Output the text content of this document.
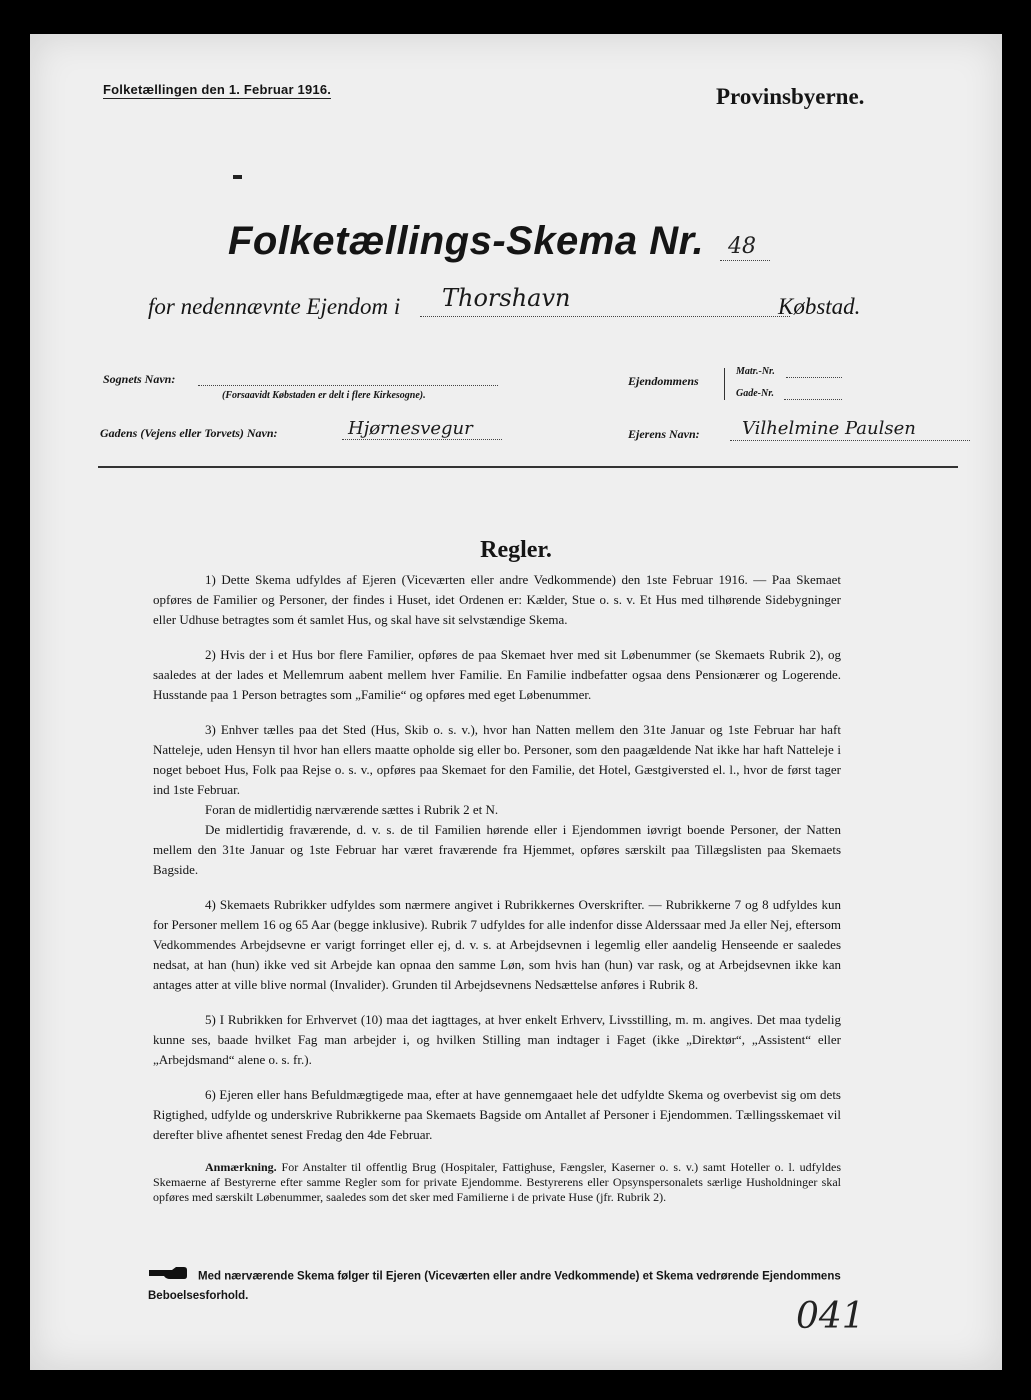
Folketællingen den 1. Februar 1916.	Provinsbyerne.
Folketællings-Skema Nr. 48
for nedennævnte Ejendom i Thorshavn	Købstad.
Sognets Navn:
(Forsaavidt Købstaden er delt i flere Kirkesogne).
Ejendommens
Matr.-Nr.
Gade-Nr.
Gadens (Vejens eller Torvets) Navn:	Hjørnesvegur	Ejerens Navn: Vilhelmine Paulsen
Regler.

1) Dette Skema udfyldes af Ejeren (Viceværten eller andre Vedkommende) den 1ste Februar 1916. — Paa Skemaet opføres de Familier og Personer, der findes i Huset, idet Ordenen er: Kælder, Stue o. s. v. Et Hus med tilhørende Sidebygninger eller Udhuse betragtes som ét samlet Hus, og skal have sit selvstændige Skema.

2) Hvis der i et Hus bor flere Familier, opføres de paa Skemaet hver med sit Løbenummer (se Skemaets Rubrik 2), og saaledes at der lades et Mellemrum aabent mellem hver Familie. En Familie indbefatter ogsaa dens Pensionærer og Logerende. Husstande paa 1 Person betragtes som „Familie“ og opføres med eget Løbenummer.

3) Enhver tælles paa det Sted (Hus, Skib o. s. v.), hvor han Natten mellem den 31te Januar og 1ste Februar har haft Natteleje, uden Hensyn til hvor han ellers maatte opholde sig eller bo. Personer, som den paagældende Nat ikke har haft Natteleje i noget beboet Hus, Folk paa Rejse o. s. v., opføres paa Skemaet for den Familie, det Hotel, Gæstgiversted el. l., hvor de først tager ind 1ste Februar.

Foran de midlertidig nærværende sættes i Rubrik 2 et N.

De midlertidig fraværende, d. v. s. de til Familien hørende eller i Ejendommen iøvrigt boende Personer, der Natten mellem den 31te Januar og 1ste Februar har været fraværende fra Hjemmet, opføres særskilt paa Tillægslisten paa Skemaets Bagside.

4) Skemaets Rubrikker udfyldes som nærmere angivet i Rubrikkernes Overskrifter. — Rubrikkerne 7 og 8 udfyldes kun for Personer mellem 16 og 65 Aar (begge inklusive). Rubrik 7 udfyldes for alle indenfor disse Alderssaar med Ja eller Nej, eftersom Vedkommendes Arbejdsevne er varigt forringet eller ej, d. v. s. at Arbejdsevnen i legemlig eller aandelig Henseende er saaledes nedsat, at han (hun) ikke ved sit Arbejde kan opnaa den samme Løn, som hvis han (hun) var rask, og at Arbejdsevnen ikke kan antages atter at ville blive normal (Invalider). Grunden til Arbejdsevnens Nedsættelse anføres i Rubrik 8.

5) I Rubrikken for Erhvervet (10) maa det iagttages, at hver enkelt Erhverv, Livsstilling, m. m. angives. Det maa tydelig kunne ses, baade hvilket Fag man arbejder i, og hvilken Stilling man indtager i Faget (ikke „Direktør“, „Assistent“ eller „Arbejdsmand“ alene o. s. fr.).

6) Ejeren eller hans Befuldmægtigede maa, efter at have gennemgaaet hele det udfyldte Skema og overbevist sig om dets Rigtighed, udfylde og underskrive Rubrikkerne paa Skemaets Bagside om Antallet af Personer i Ejendommen. Tællingsskemaet vil derefter blive afhentet senest Fredag den 4de Februar.

Anmærkning. For Anstalter til offentlig Brug (Hospitaler, Fattighuse, Fængsler, Kaserner o. s. v.) samt Hoteller o. l. udfyldes Skemaerne af Bestyrerne efter samme Regler som for private Ejendomme. Bestyrerens eller Opsynspersonalets særlige Husholdninger skal opføres med særskilt Løbenummer, saaledes som det sker med Familierne i de private Huse (jfr. Rubrik 2).

Med nærværende Skema følger til Ejeren (Viceværten eller andre Vedkommende) et Skema vedrørende Ejendommens Beboelsesforhold.	041
